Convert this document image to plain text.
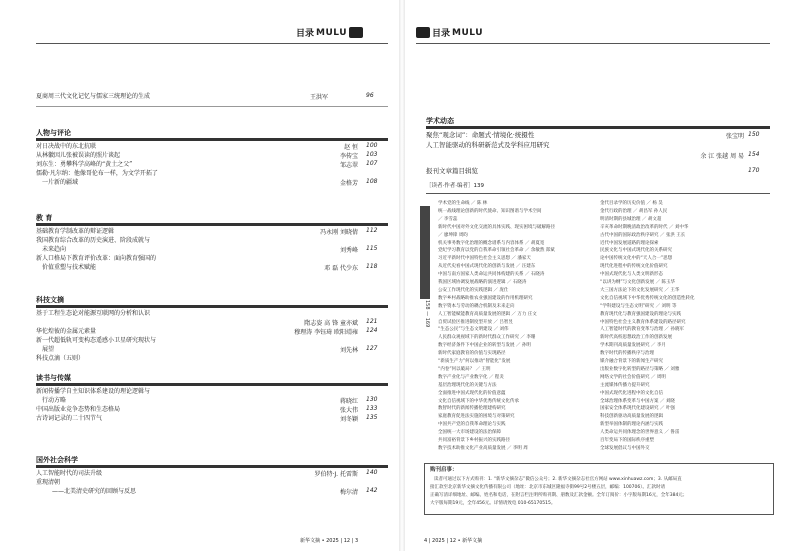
目录 MULU
夏商周三代文化记忆与儒家三统理论的生成	王洪军	96
人物与评论
对日决战中的东北抗联	赵 恒 100
从林徽因儿张被误读的照片谈起	李传宝 103
刘东生：勇攀科学高峰的“黄土之父”	邹志翠 107
儒勒·凡尔纳：他像哥伦布一样，为文学开拓了
一片新的疆域	金格芳 108
教 育
基础教育学制改革的辩证逻辑	冯永刚 刘晓倩 112
我国教育综合改革的历史演进、阶段成就与
未来趋向	刘秀峰 115
新人口格局下教育评价改革：面向教育强国的
价值重塑与技术赋能	邓 磊 代少东 118
科技文摘
基于工程生态论对能源互联网的分析和认识
隋志姿 高 锋 童亦斌 121
华佗煌彼的金属元素量	穆理涛 李钰琦 欧阳靖雍 124
新一代超低轨可变构态遥感小卫星研究现状与
展望	刘先林 127
科技点滴（五则）
读书与传媒
新闻传播学自主知识体系建设的理论逻辑与
行动方略	蒋晓红 130
中国出版业竞争态势和生态格局	张大伟 133
古诗词记录的二十四节气	刘冬颖 135
国外社会科学
人工智能时代的司法升级	罗伯特·J. 托雷斯 140
重现清朝
——北美清史研究的回顾与反思	梅尔清 142
新华文摘 • 2025 | 12 | 3
目录 MULU
学术动态
聚焦“观念词”：命题式·情境化·统摄性	张宝明 150
人工智能驱动的科研新范式及学科应用研究
余 江 张越 周 易 154
报刊文章篇目辑览	170
［读者·作者·编者］139
158 — 169
学术党的生命线 ／ 陈 林
统一战线理论创新的时代使命、知识图谱与学术空间
／ 李雪蕊
新时代中国对外文化交流的具体实践、现实困境与破解路径
／ 廖坤锋 周昀
机关事务数字化治理的概念谱系与内容体系 ／ 胡夏宽
党纪学习教育以党的自我革命引领社会革命 ／ 余敏然 郑斌
习近平新时代中国特色社会主义思想 ／ 潘家天
从近代史看中国式现代化的创新与发展 ／ 汪建东
中国与南方国家人类命运共同体构建的关系 ／ 石晓涛
我国区域协调发展战略的演进逻辑 ／ 石晓涛
公安工作现代化的实践逻辑 ／ 庞仕
数字乡村战略助推农业强国建设的作用机理研究
数字资本与劳动的耦合机制及未来走向
人工智能赋能教育高质量发展的逻辑 ／ 万力 庄文
自贸试验区推进制度型开放 ／ 吕智昱
“生态公民”与生态文明建设 ／ 刘伟
人民群众观视域下的新时代群众工作研究 ／ 李珊
数字经济条件下中国企业的转型与发展 ／ 孙明
新时代家庭教育的价值与实现路径
“新质生产力”何以推动“智能化”发展
“内卷”何以破局？ ／ 王明
数字产业化与产业数字化 ／ 程炎
基层治理现代化的关键与方法
全面推进中国式现代化的价值意蕴
文化自信视域下的中华优秀传统文化传承
数智时代的新闻传播伦理建构研究
家庭教育促进法实施的困境与对策研究
中国共产党的自我革命理论与实践
全国统一大市场建设的法治保障
共同富裕背景下乡村振兴的实践路径
数字技术助推文化产业高质量发展 ／ 李明 周
金代目录学的历史价值 ／ 杨 昊
金代行政的治理 ／ 胡昌军 孙人民
明清时期的县城治理 ／ 胡文超
辛亥革命时期晚清政治改革的时代 ／ 刘中华
古代中国的国际政治秩序研究 ／ 张洪 王长
近代中国发展道路的理论探索
民族文化与中国式现代化的关系研究
论中国传统文化中的“天人合一”思想
现代化进程中的传统文化价值研究
中国式现代化与人类文明新形态
“以讲为纲”与文化创新发展 ／ 陈玉华
大三国方法论下的文化发展研究 ／ 王华
文化自信视域下中华优秀传统文化的创造性转化
“学科建设与生态文明”研究 ／ 刘明 等
教育现代化与教育强国建设的理论与实践
中国特色社会主义教育体系建设的路径研究
人工智能时代的教育变革与治理 ／ 孙晓军
新时代高校思想政治工作的创新发展
学术期刊高质量发展研究 ／ 李月
数字时代的传播秩序与治理
媒介融合背景下的新闻生产研究
出版业数字化转型的路径与策略 ／ 刘雅
网络文学的社会价值研究 ／ 周明
主流媒体传播力提升研究
中国式现代化进程中的文化自信
全球治理体系变革与中国方案 ／ 刘晓
国家安全体系现代化建设研究 ／ 叶强
科技创新驱动高质量发展的逻辑
新型举国体制的理论内涵与实践
人类命运共同体理念的世界意义 ／ 鲁雷
百年变局下的国际秩序重塑
全球发展倡议与中国外交
购刊启事：
读者可通过以下方式购刊：1. “新华文摘杂志”微信公众号；2. 新华文摘杂志社官方网站 www.xinhuawz.com；3. 从邮局直
接汇款至北京新华文摘文化传播有限公司（地址：北京市东城区隆福寺街99号2号楼五层，邮编：100706）。汇款时请
正确写清详细地址、邮编、姓名和电话，在附言栏注明所购刊期、册数及汇款金额。全年订阅价：小字版每期16元，全年384元；
大字版每期19元，全年456元。详情请致电 010-65170515。
4 | 2025 | 12 • 新华文摘
